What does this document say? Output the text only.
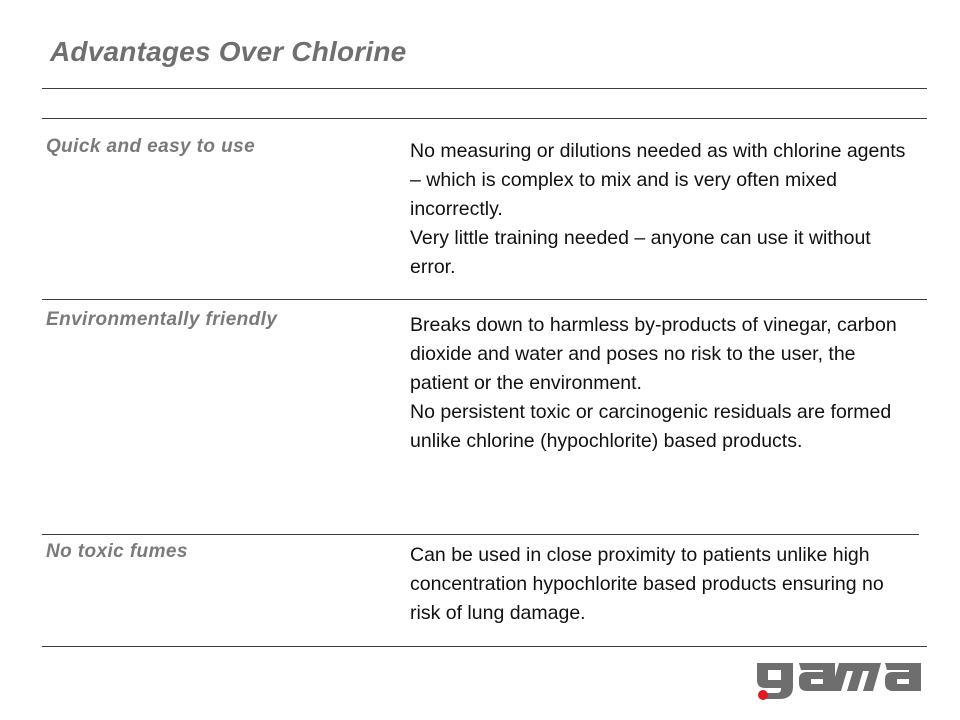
Advantages Over Chlorine
Quick and easy to use	No measuring or dilutions needed as with chlorine agents – which is complex to mix and is very often mixed incorrectly.

Very little training needed – anyone can use it without error.

Environmentally friendly	Breaks down to harmless by-products of vinegar, carbon dioxide and water and poses no risk to the user, the patient or the environment.

No persistent toxic or carcinogenic residuals are formed unlike chlorine (hypochlorite) based products.

No toxic fumes	Can be used in close proximity to patients unlike high concentration hypochlorite based products ensuring no risk of lung damage.
